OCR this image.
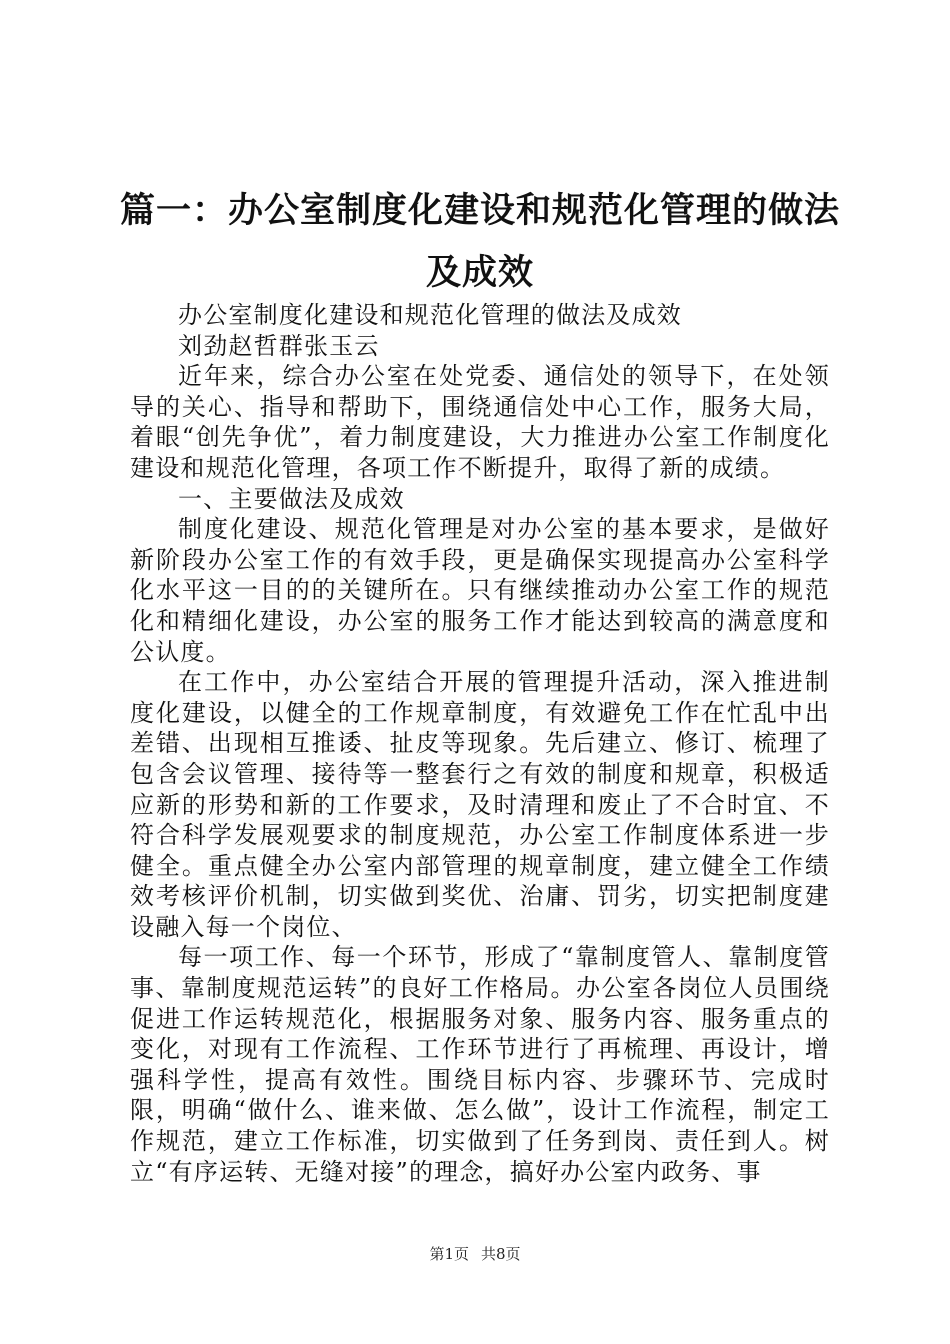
篇一：办公室制度化建设和规范化管理的做法及成效

办公室制度化建设和规范化管理的做法及成效

刘劲赵哲群张玉云

近年来，综合办公室在处党委、通信处的领导下，在处领导的关心、指导和帮助下，围绕通信处中心工作，服务大局，着眼“创先争优”，着力制度建设，大力推进办公室工作制度化建设和规范化管理，各项工作不断提升，取得了新的成绩。

一、主要做法及成效

制度化建设、规范化管理是对办公室的基本要求，是做好新阶段办公室工作的有效手段，更是确保实现提高办公室科学化水平这一目的的关键所在。只有继续推动办公室工作的规范化和精细化建设，办公室的服务工作才能达到较高的满意度和公认度。

在工作中，办公室结合开展的管理提升活动，深入推进制度化建设，以健全的工作规章制度，有效避免工作在忙乱中出差错、出现相互推诿、扯皮等现象。先后建立、修订、梳理了包含会议管理、接待等一整套行之有效的制度和规章，积极适应新的形势和新的工作要求，及时清理和废止了不合时宜、不符合科学发展观要求的制度规范，办公室工作制度体系进一步健全。重点健全办公室内部管理的规章制度，建立健全工作绩效考核评价机制，切实做到奖优、治庸、罚劣，切实把制度建设融入每一个岗位、

每一项工作、每一个环节，形成了“靠制度管人、靠制度管事、靠制度规范运转”的良好工作格局。办公室各岗位人员围绕促进工作运转规范化，根据服务对象、服务内容、服务重点的变化，对现有工作流程、工作环节进行了再梳理、再设计，增强科学性，提高有效性。围绕目标内容、步骤环节、完成时限，明确“做什么、谁来做、怎么做”，设计工作流程，制定工作规范，建立工作标准，切实做到了任务到岗、责任到人。树立“有序运转、无缝对接”的理念，搞好办公室内政务、事

第1页 共8页
